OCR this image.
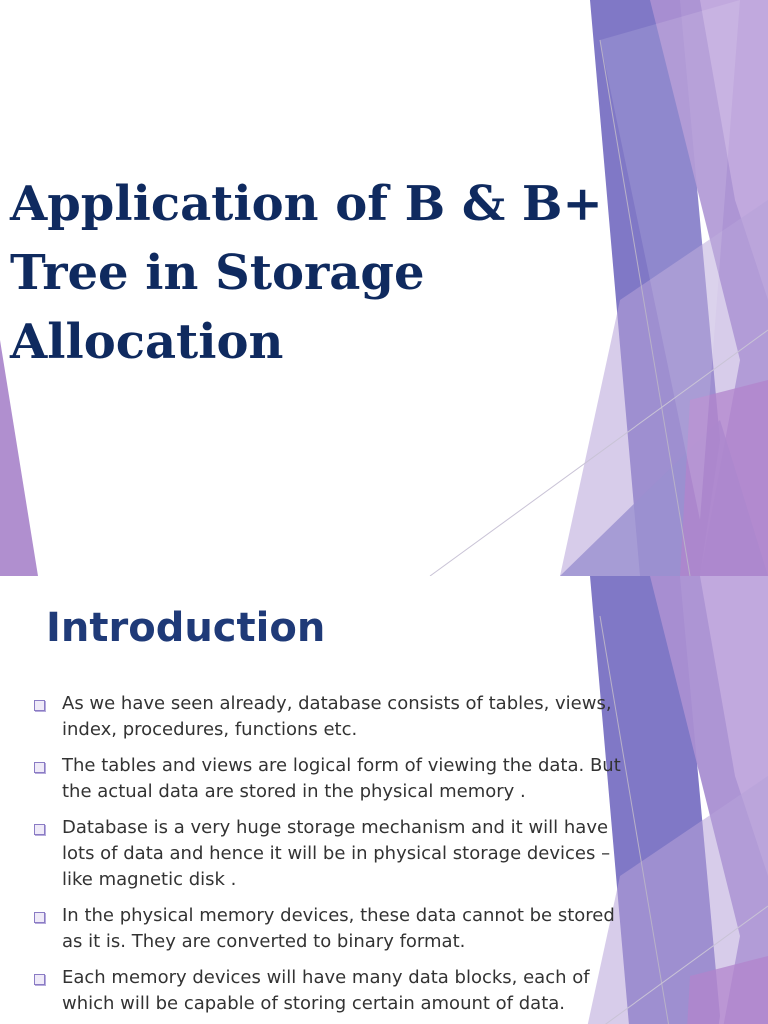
Application of B & B+
Tree in Storage
Allocation
Introduction
As we have seen already, database consists of tables, views, index, procedures, functions etc.
The tables and views are logical form of viewing the data. But the actual data are stored in the physical memory .
Database is a very huge storage mechanism and it will have lots of data and hence it will be in physical storage devices – like magnetic disk .
In the physical memory devices, these data cannot be stored as it is. They are converted to binary format.
Each memory devices will have many data blocks, each of which will be capable of storing certain amount of data.
